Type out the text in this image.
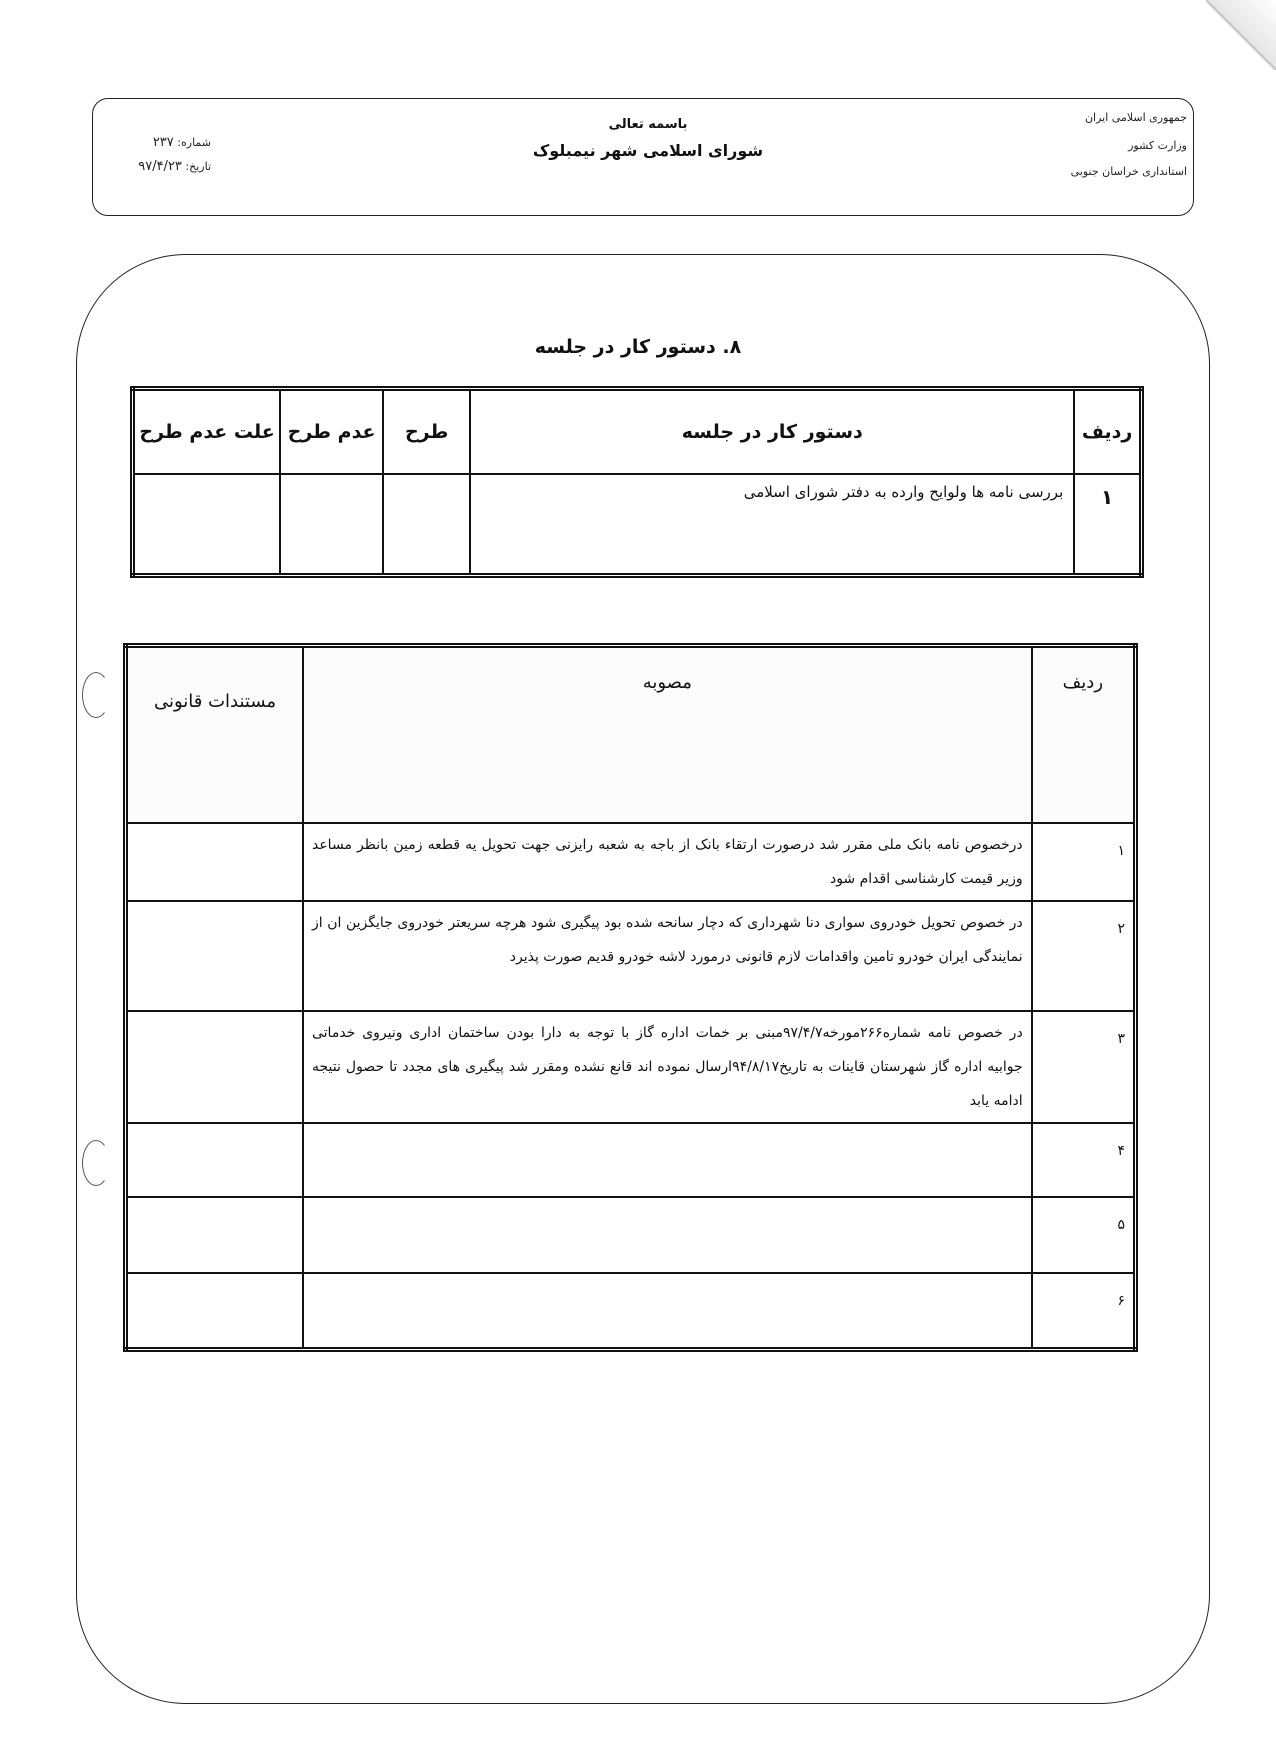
باسمه تعالی
شورای اسلامی شهر نیمبلوک
جمهوری اسلامی ایران
وزارت کشور
استانداری خراسان جنوبی
شماره: ۲۳۷
تاریخ: ۹۷/۴/۲۳
۸. دستور کار در جلسه
ردیف	دستور کار در جلسه	طرح	عدم طرح	علت عدم طرح
۱	بررسی نامه ها ولوایح وارده به دفتر شورای اسلامی			
ردیف	مصوبه	مستندات قانونی
۱	درخصوص نامه بانک ملی مقرر شد درصورت ارتقاء بانک از باجه به شعبه رایزنی جهت تحویل یه قطعه زمین بانظر مساعد وزیر قیمت کارشناسی اقدام شود	
۲	در خصوص تحویل خودروی سواری دنا شهرداری که دچار سانحه شده بود پیگیری شود هرچه سریعتر خودروی جایگزین ان از نمایندگی ایران خودرو تامین واقدامات لازم قانونی درمورد لاشه خودرو قدیم صورت پذیرد	
۳	در خصوص نامه شماره۲۶۶مورخه۹۷/۴/۷مبنی بر خمات اداره گاز با توجه به دارا بودن ساختمان اداری ونیروی خدماتی جوابیه اداره گاز شهرستان قاینات به تاریخ۹۴/۸/۱۷ارسال نموده اند قانع نشده ومقرر شد پیگیری های مجدد تا حصول نتیجه ادامه یابد	
۴		
۵		
۶		
